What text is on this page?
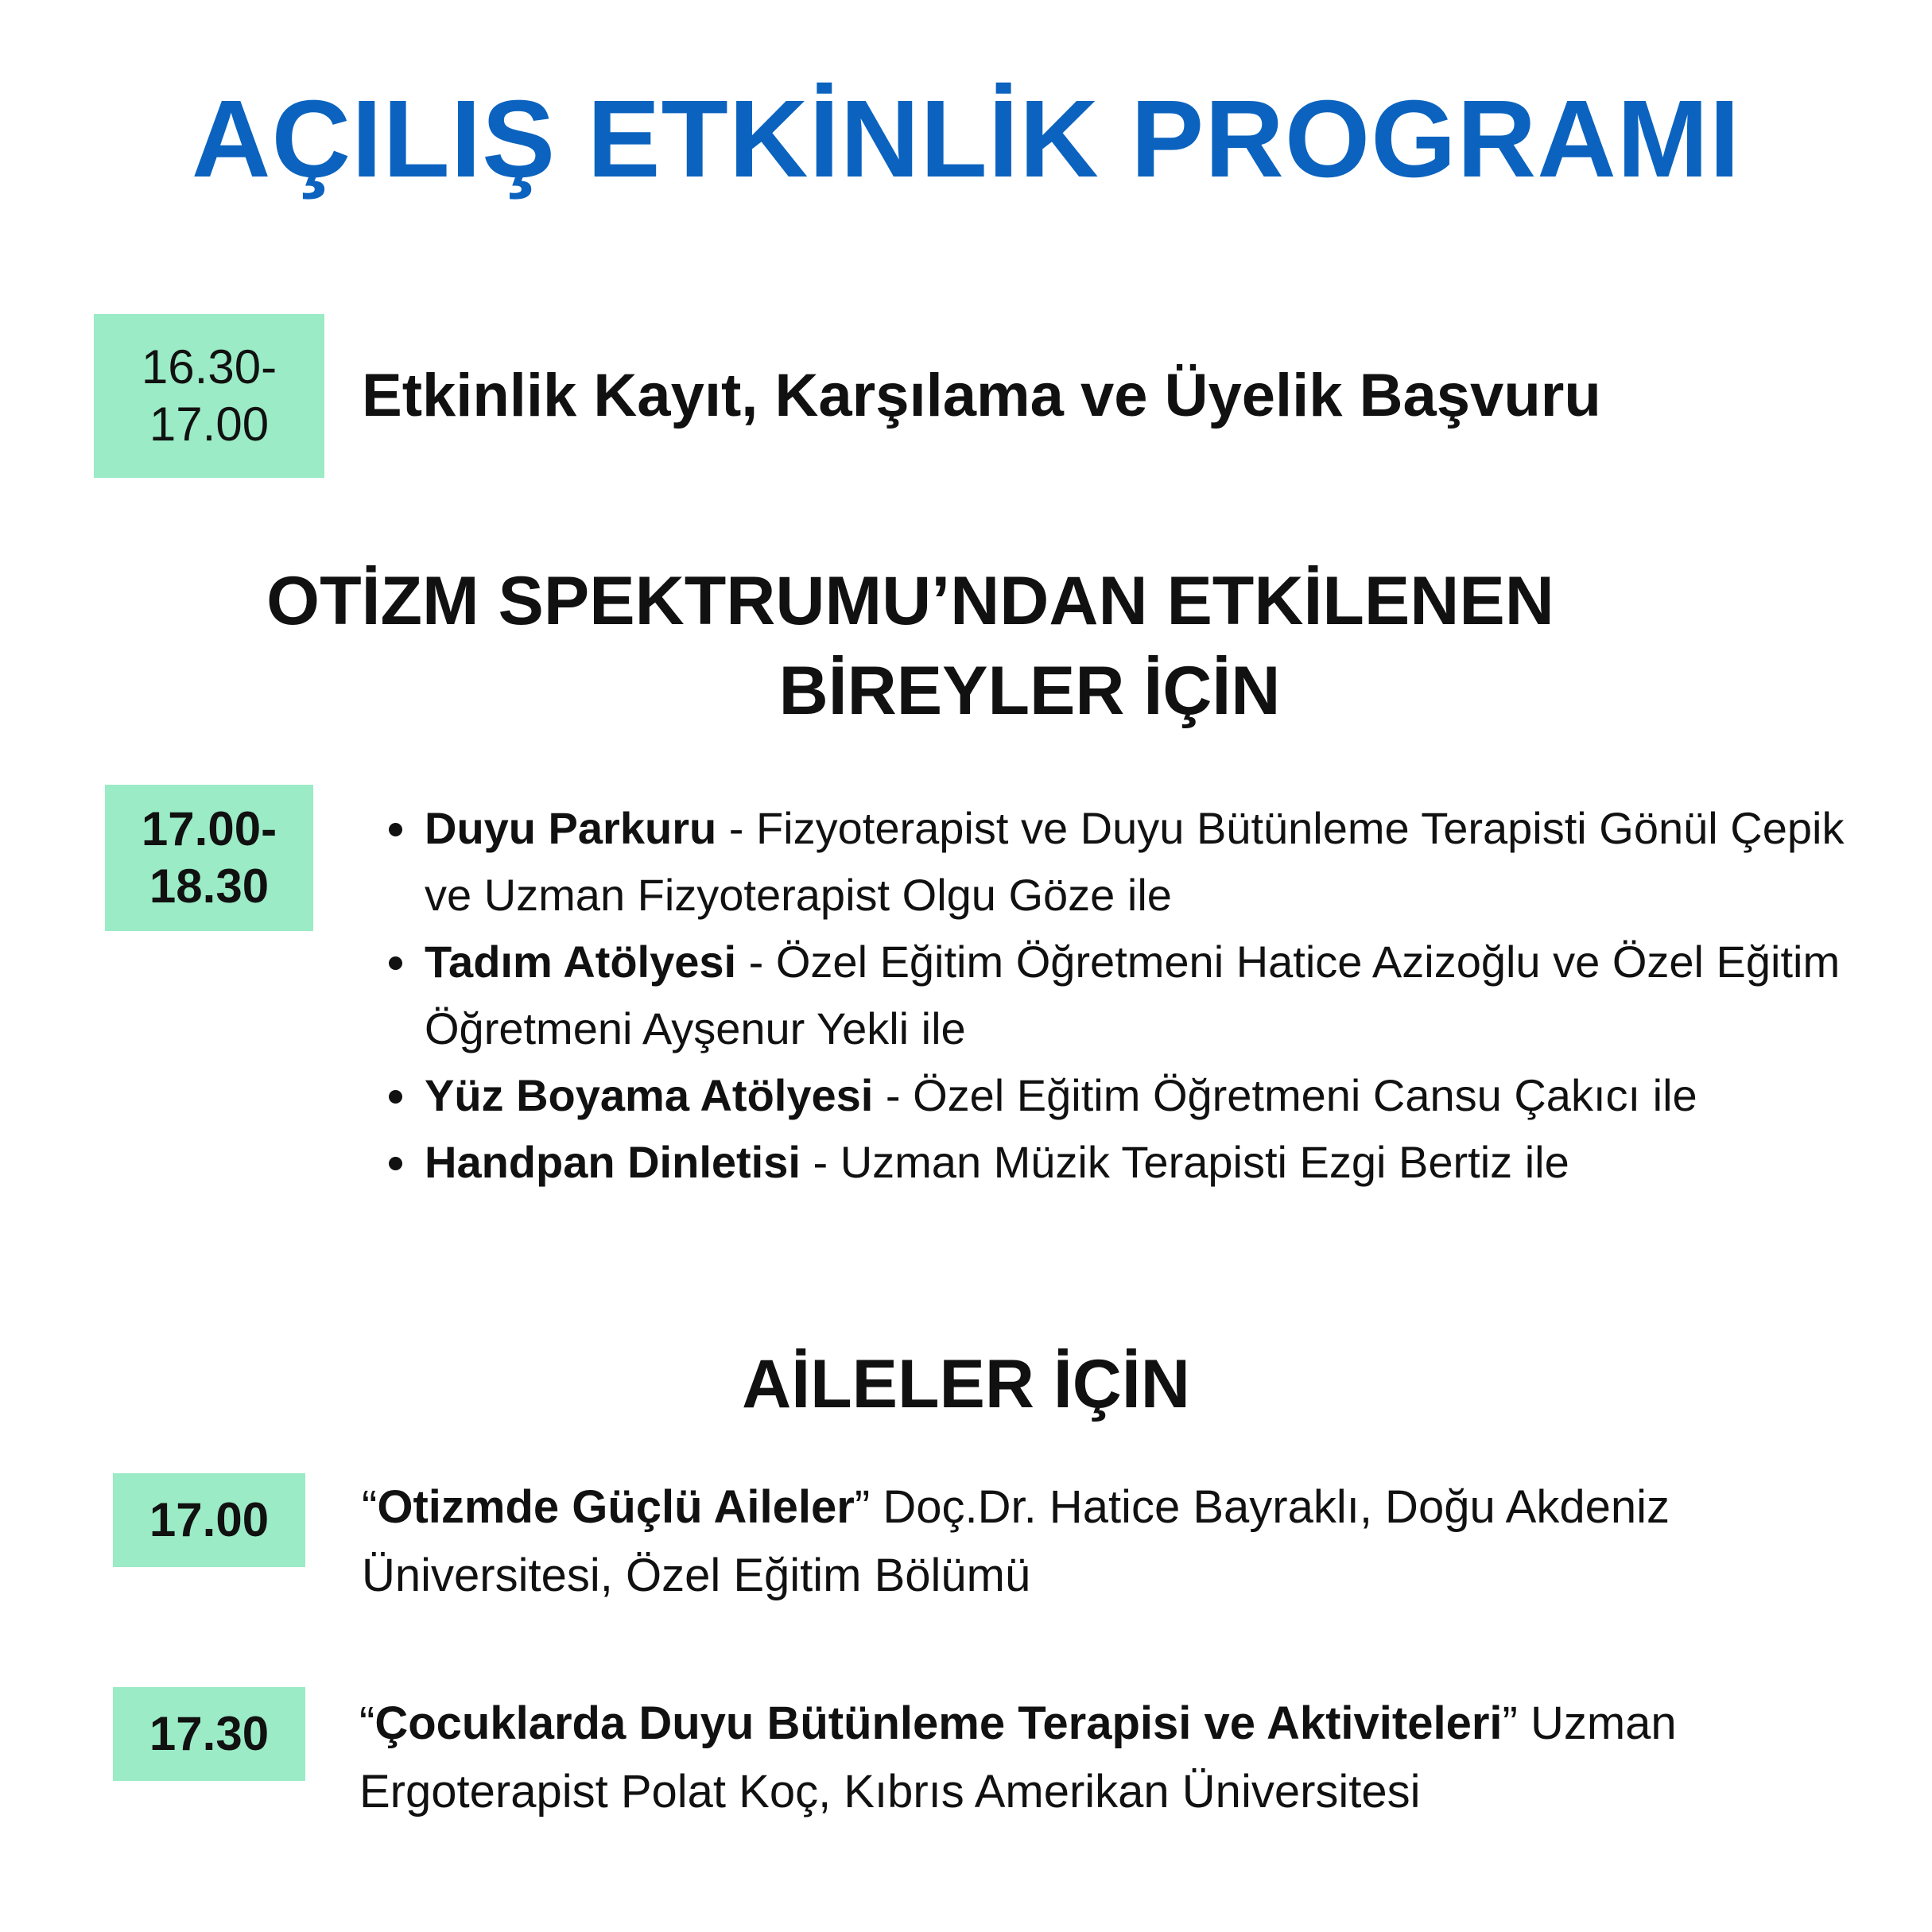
AÇILIŞ ETKİNLİK PROGRAMI
16.30-
17.00 Etkinlik Kayıt, Karşılama ve Üyelik Başvuru
OTİZM SPEKTRUMU’NDAN ETKİLENEN
BİREYLER İÇİN
17.00-
18.30
• Duyu Parkuru - Fizyoterapist ve Duyu Bütünleme Terapisti Gönül Çepik ve Uzman Fizyoterapist Olgu Göze ile
• Tadım Atölyesi - Özel Eğitim Öğretmeni Hatice Azizoğlu ve Özel Eğitim Öğretmeni Ayşenur Yekli ile
• Yüz Boyama Atölyesi - Özel Eğitim Öğretmeni Cansu Çakıcı ile
• Handpan Dinletisi - Uzman Müzik Terapisti Ezgi Bertiz ile
AİLELER İÇİN
17.00 “Otizmde Güçlü Aileler” Doç.Dr. Hatice Bayraklı, Doğu Akdeniz Üniversitesi, Özel Eğitim Bölümü
17.30 “Çocuklarda Duyu Bütünleme Terapisi ve Aktiviteleri” Uzman Ergoterapist Polat Koç, Kıbrıs Amerikan Üniversitesi
